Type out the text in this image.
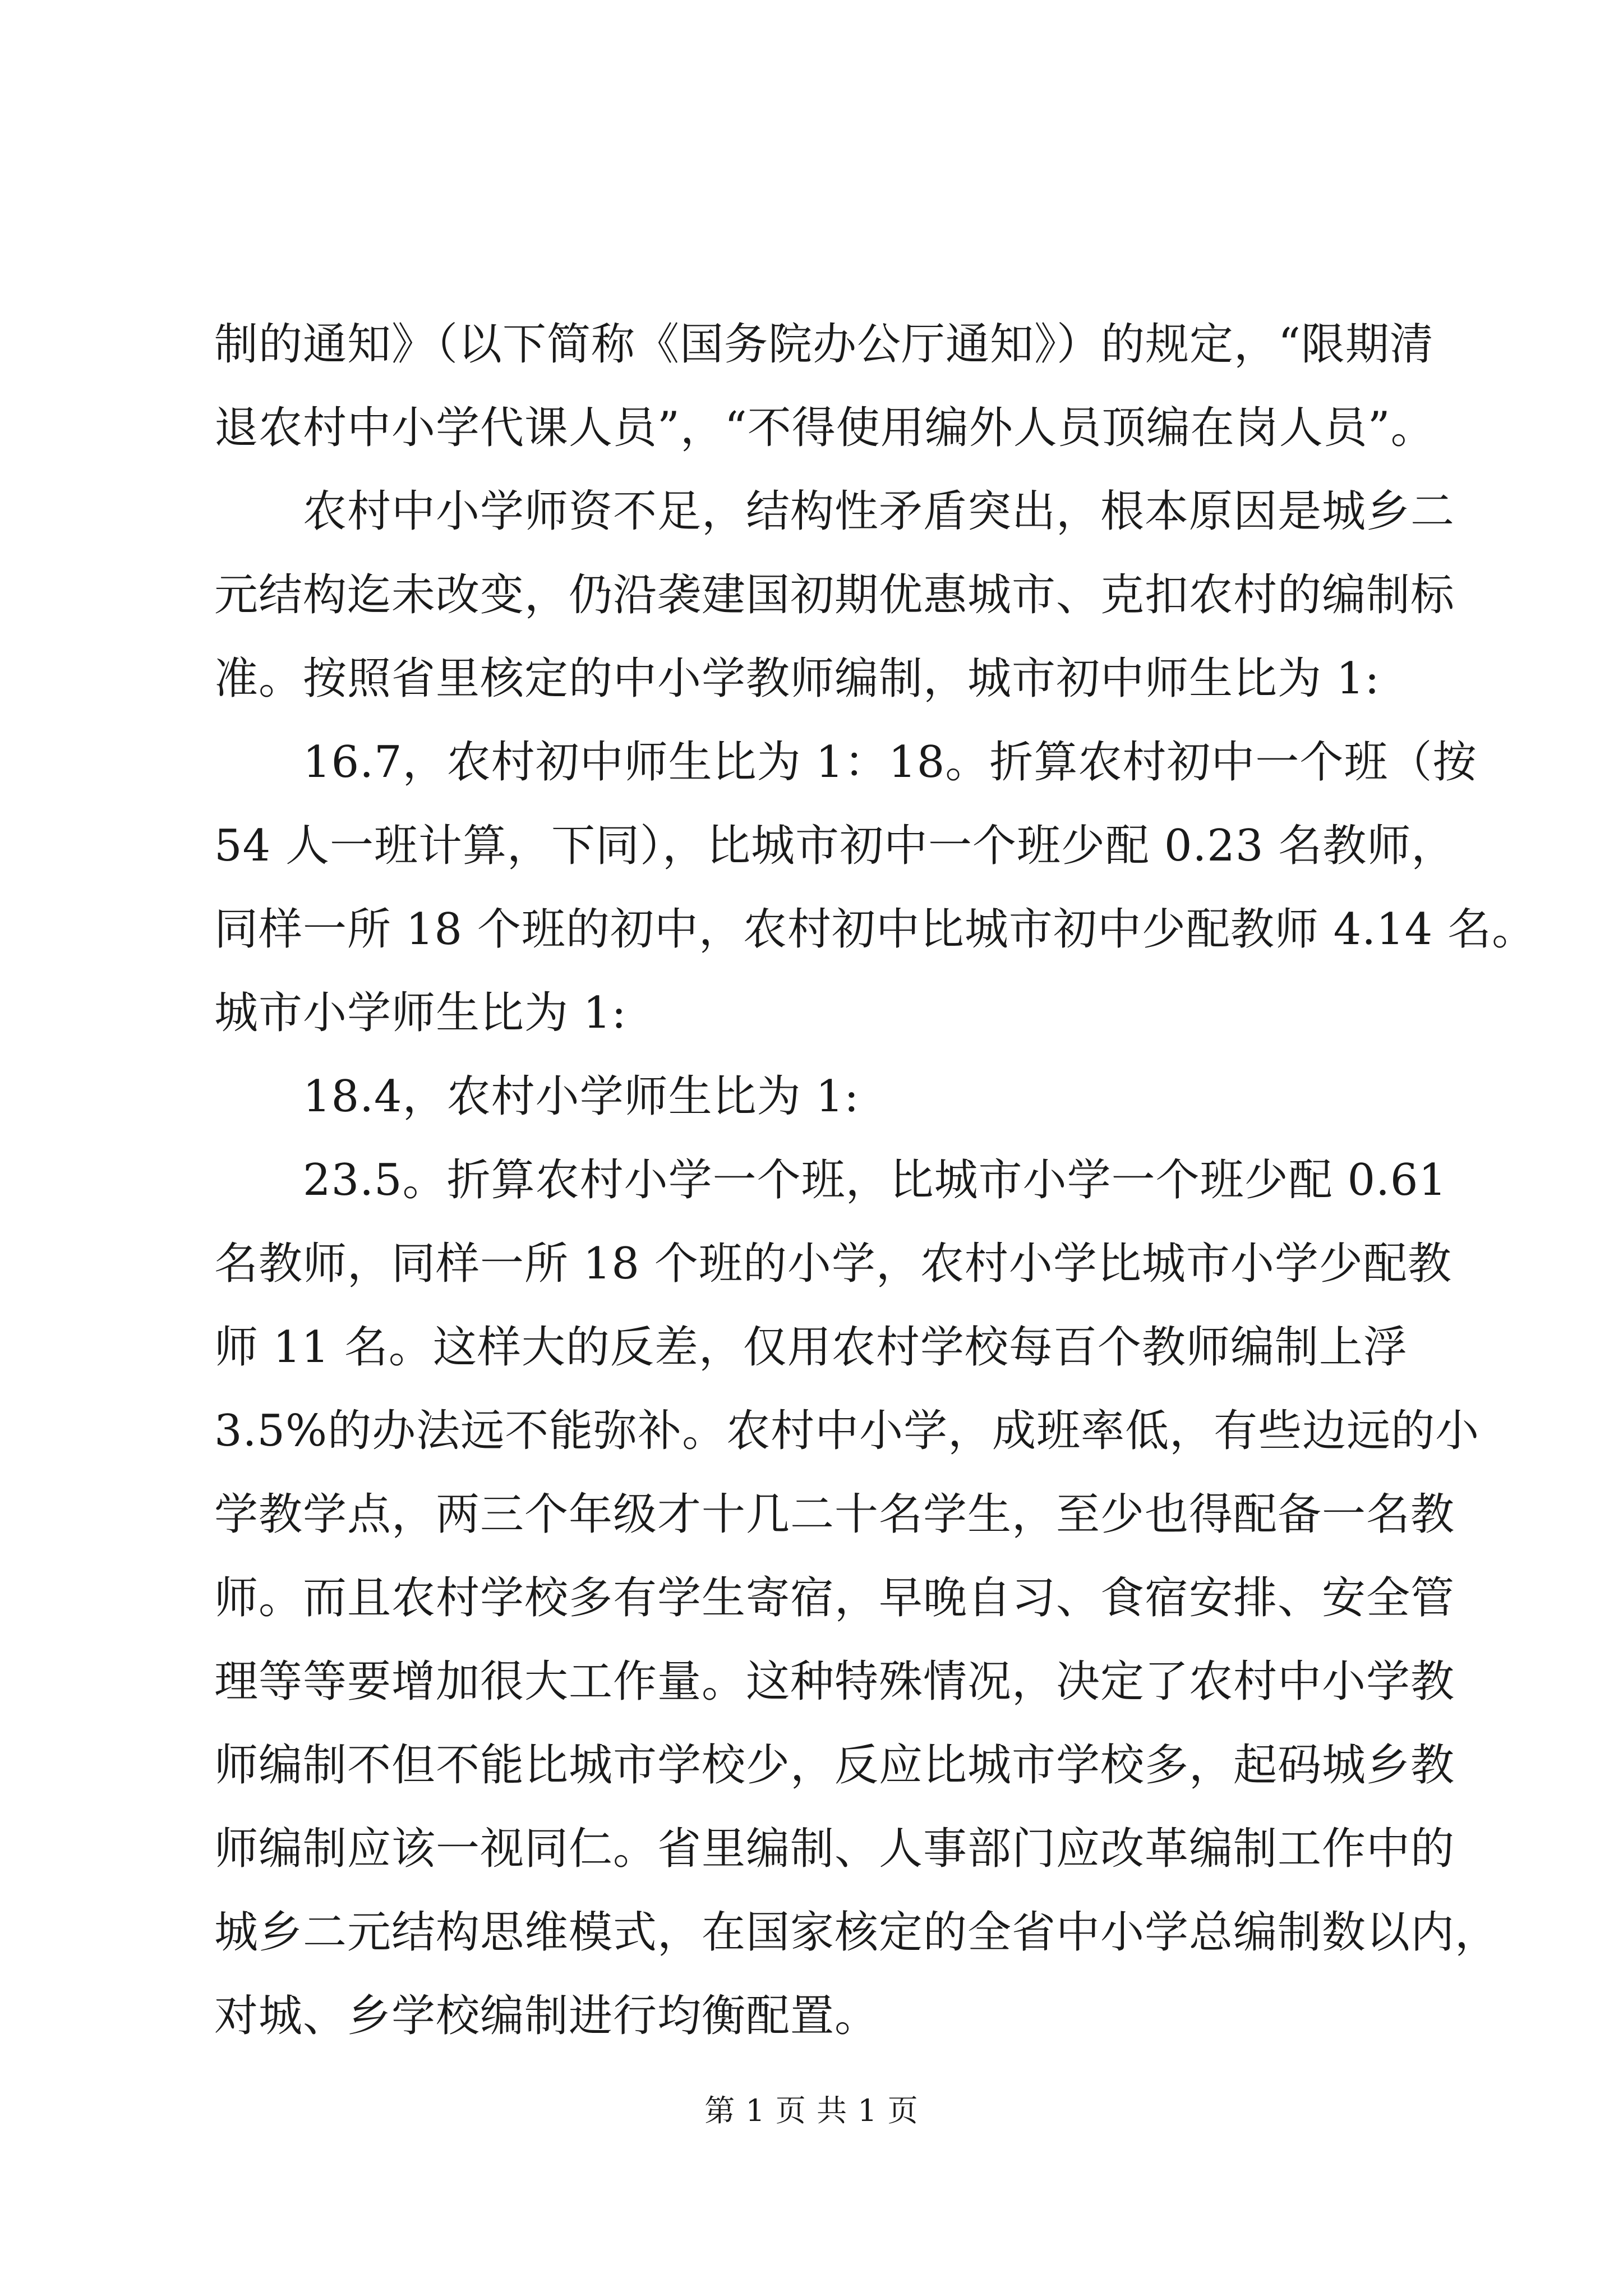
制的通知》（以下简称《国务院办公厅通知》）的规定，“限期清
退农村中小学代课人员”，“不得使用编外人员顶编在岗人员”。
农村中小学师资不足，结构性矛盾突出，根本原因是城乡二
元结构迄未改变，仍沿袭建国初期优惠城市、克扣农村的编制标
准。按照省里核定的中小学教师编制，城市初中师生比为 1:
16.7，农村初中师生比为 1：18。折算农村初中一个班（按
54 人一班计算，下同），比城市初中一个班少配 0.23 名教师，
同样一所 18 个班的初中，农村初中比城市初中少配教师 4.14 名。
城市小学师生比为 1:
18.4，农村小学师生比为 1:
23.5。折算农村小学一个班，比城市小学一个班少配 0.61
名教师，同样一所 18 个班的小学，农村小学比城市小学少配教
师 11 名。这样大的反差，仅用农村学校每百个教师编制上浮
3.5%的办法远不能弥补。农村中小学，成班率低，有些边远的小
学教学点，两三个年级才十几二十名学生，至少也得配备一名教
师。而且农村学校多有学生寄宿，早晚自习、食宿安排、安全管
理等等要增加很大工作量。这种特殊情况，决定了农村中小学教
师编制不但不能比城市学校少，反应比城市学校多，起码城乡教
师编制应该一视同仁。省里编制、人事部门应改革编制工作中的
城乡二元结构思维模式，在国家核定的全省中小学总编制数以内，
对城、乡学校编制进行均衡配置。
第 1 页 共 1 页
